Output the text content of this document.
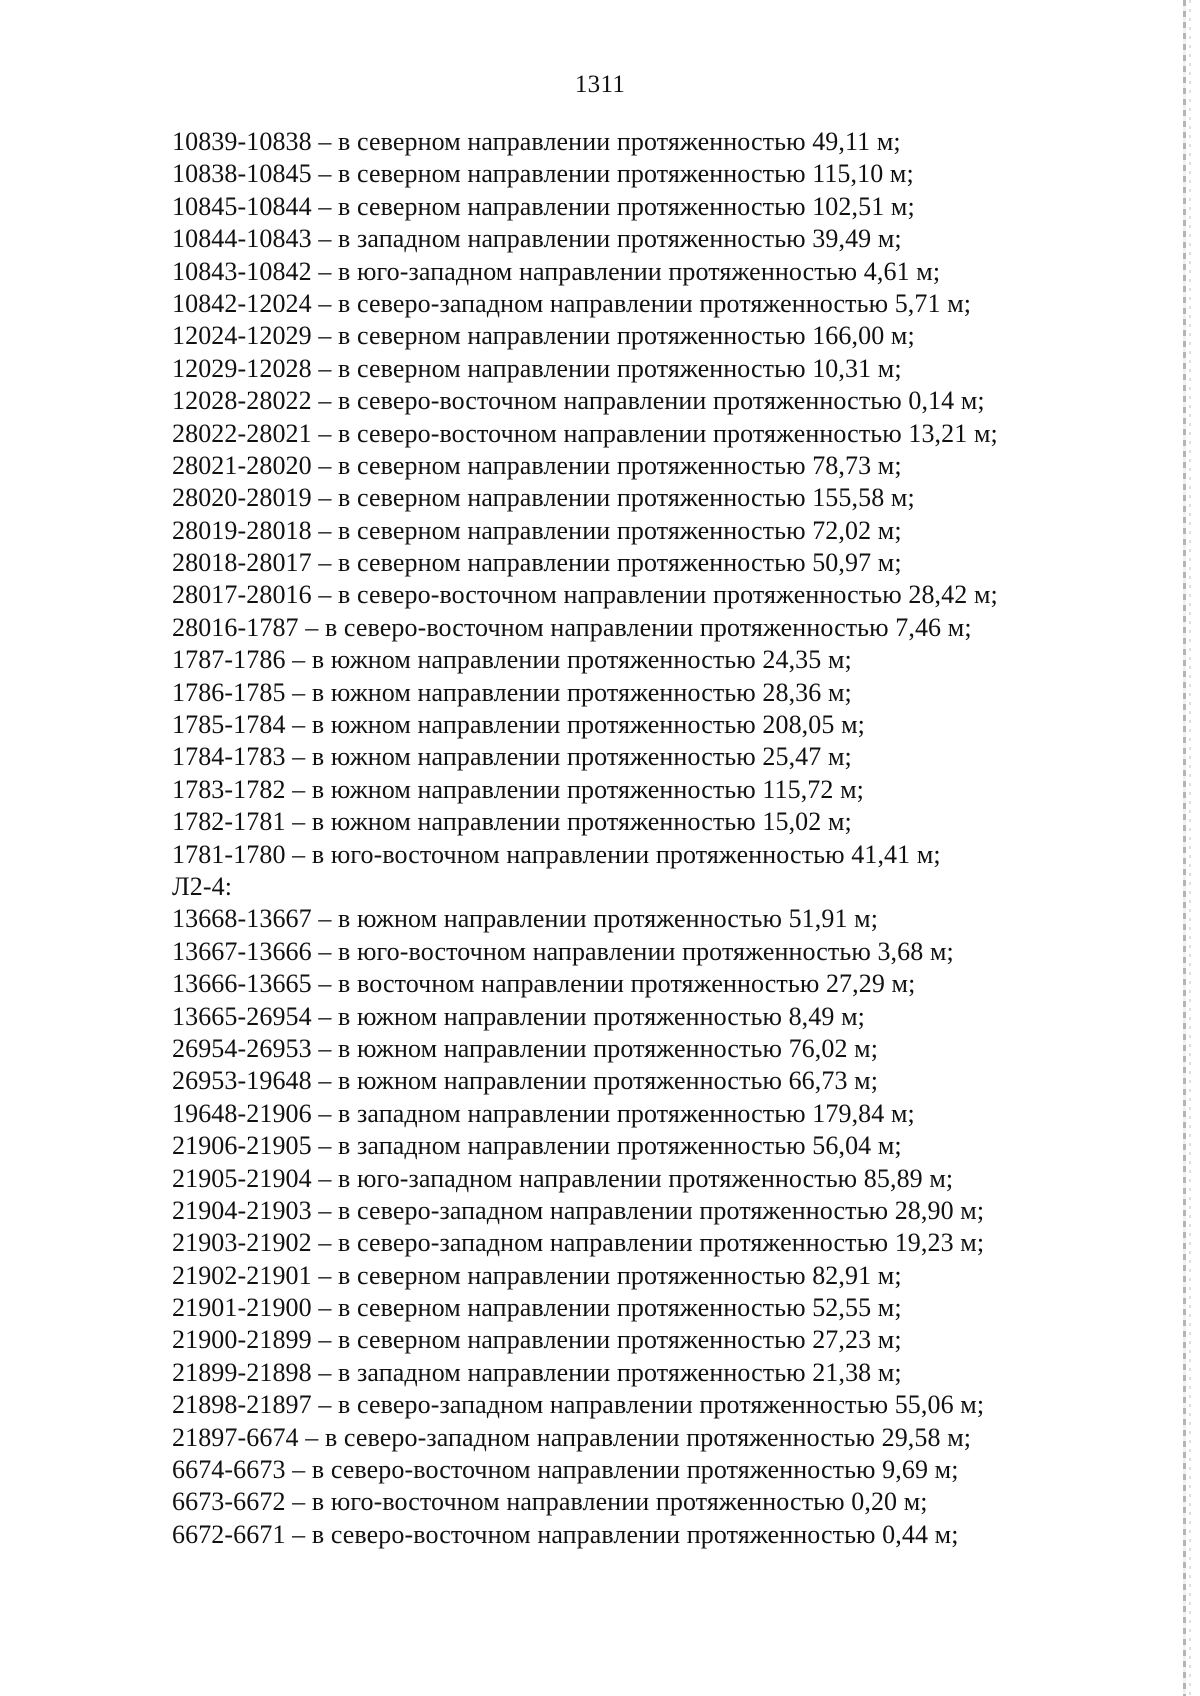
1311
10839-10838 – в северном направлении протяженностью 49,11 м;
10838-10845 – в северном направлении протяженностью 115,10 м;
10845-10844 – в северном направлении протяженностью 102,51 м;
10844-10843 – в западном направлении протяженностью 39,49 м;
10843-10842 – в юго-западном направлении протяженностью 4,61 м;
10842-12024 – в северо-западном направлении протяженностью 5,71 м;
12024-12029 – в северном направлении протяженностью 166,00 м;
12029-12028 – в северном направлении протяженностью 10,31 м;
12028-28022 – в северо-восточном направлении протяженностью 0,14 м;
28022-28021 – в северо-восточном направлении протяженностью 13,21 м;
28021-28020 – в северном направлении протяженностью 78,73 м;
28020-28019 – в северном направлении протяженностью 155,58 м;
28019-28018 – в северном направлении протяженностью 72,02 м;
28018-28017 – в северном направлении протяженностью 50,97 м;
28017-28016 – в северо-восточном направлении протяженностью 28,42 м;
28016-1787 – в северо-восточном направлении протяженностью 7,46 м;
1787-1786 – в южном направлении протяженностью 24,35 м;
1786-1785 – в южном направлении протяженностью 28,36 м;
1785-1784 – в южном направлении протяженностью 208,05 м;
1784-1783 – в южном направлении протяженностью 25,47 м;
1783-1782 – в южном направлении протяженностью 115,72 м;
1782-1781 – в южном направлении протяженностью 15,02 м;
1781-1780 – в юго-восточном направлении протяженностью 41,41 м;
Л2-4:
13668-13667 – в южном направлении протяженностью 51,91 м;
13667-13666 – в юго-восточном направлении протяженностью 3,68 м;
13666-13665 – в восточном направлении протяженностью 27,29 м;
13665-26954 – в южном направлении протяженностью 8,49 м;
26954-26953 – в южном направлении протяженностью 76,02 м;
26953-19648 – в южном направлении протяженностью 66,73 м;
19648-21906 – в западном направлении протяженностью 179,84 м;
21906-21905 – в западном направлении протяженностью 56,04 м;
21905-21904 – в юго-западном направлении протяженностью 85,89 м;
21904-21903 – в северо-западном направлении протяженностью 28,90 м;
21903-21902 – в северо-западном направлении протяженностью 19,23 м;
21902-21901 – в северном направлении протяженностью 82,91 м;
21901-21900 – в северном направлении протяженностью 52,55 м;
21900-21899 – в северном направлении протяженностью 27,23 м;
21899-21898 – в западном направлении протяженностью 21,38 м;
21898-21897 – в северо-западном направлении протяженностью 55,06 м;
21897-6674 – в северо-западном направлении протяженностью 29,58 м;
6674-6673 – в северо-восточном направлении протяженностью 9,69 м;
6673-6672 – в юго-восточном направлении протяженностью 0,20 м;
6672-6671 – в северо-восточном направлении протяженностью 0,44 м;
